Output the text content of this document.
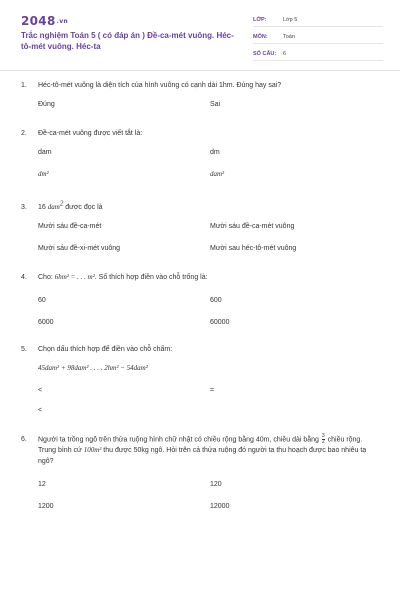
2048.vn
Trắc nghiệm Toán 5 ( có đáp án ) Đề-ca-mét vuông. Héc-tô-mét vuông. Héc-ta
LỚP:	Lớp 5
MÔN:	Toán
SỐ CÂU:	6
1.	Héc-tô-mét vuông là diện tích của hình vuông có cạnh dài 1hm. Đúng hay sai?
Đúng	Sai
2.	Đề-ca-mét vuông được viết tắt là:
dam	dm
dm²	dam²
3.	16 dam$^2$ được đọc là
Mười sáu đề-ca-mét	Mười sáu đề-ca-mét vuông
Mười sáu đề-xi-mét vuông	Mười sau héc-tô-mét vuông
4.	Cho: 6hm² = . . . m². Số thích hợp điền vào chỗ trống là:
60	600
6000	60000
5.	Chọn dấu thích hợp để điền vào chỗ chấm:
45dam² + 98dam² . . . . 2hm² − 54dam²
<	=
<
6.	Người ta trồng ngô trên thửa ruộng hình chữ nhật có chiều rộng bằng 40m, chiều dài bằng $\frac{3}{2}$ chiều rộng. Trung bình cứ 100m² thu được 50kg ngô. Hỏi trên cả thửa ruộng đó người ta thu hoạch được bao nhiêu tạ ngô?
12	120
1200	12000
